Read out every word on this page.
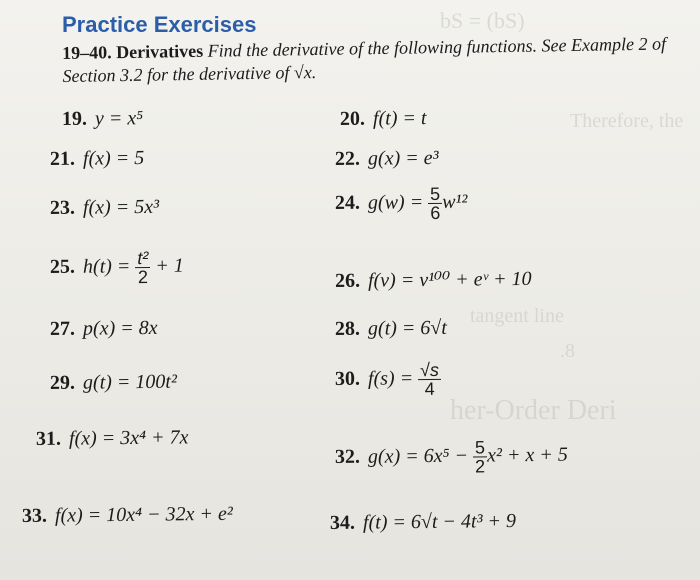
bS = (bS)
Therefore, the
tangent line
her-Order Deri
.8
Practice Exercises
19–40. Derivatives Find the derivative of the following functions. See Example 2 of Section 3.2 for the derivative of √x.
19. y = x⁵	20. f(t) = t
21. f(x) = 5	22. g(x) = e³
23. f(x) = 5x³	24. $g(w) = \frac{5}{6} w^{12}$
25. $h(t) = \frac{\text{t²}}{2} + 1$
26. f(v) = v¹⁰⁰ + eᵛ + 10
27. p(x) = 8x	28. g(t) = 6√t
29. g(t) = 100t²	30. $f(s) = \frac{√s}{4}$
31. f(x) = 3x⁴ + 7x
32. $g(x) = 6x^5 - \frac{5}{2} x^2 + x + 5$
33. f(x) = 10x⁴ − 32x + e²	34. f(t) = 6√t − 4t³ + 9
